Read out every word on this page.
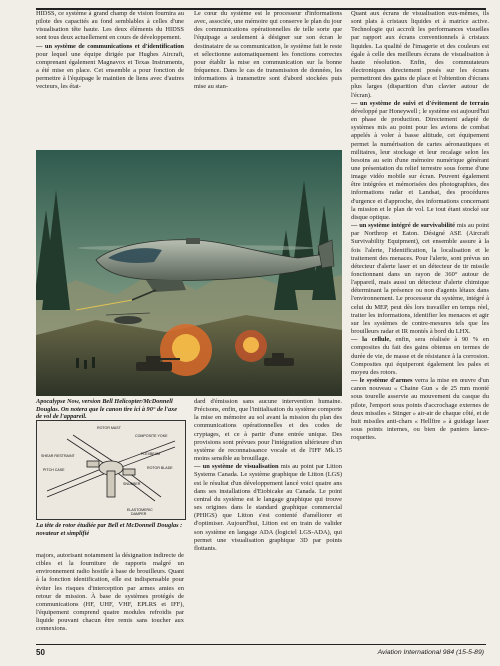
HIDSS, ce système à grand champ de vision fournira au pilote des capacités au fond semblables à celles d'une visualisation tête haute. Les deux éléments du HIDSS sont tous deux actuellement en cours de développement.

— un système de communications et d'identification pour lequel une équipe dirigée par Hughes Aircraft, comprenant également Magnavox et Texas Instruments, a été mise en place. Cet ensemble a pour fonction de permettre à l'équipage le maintien de liens avec d'autres vecteurs, les état-

Le cœur du système est le processeur d'informations avec, associée, une mémoire qui conserve le plan du jour des communications opérationnelles de telle sorte que l'équipage a seulement à désigner sur son écran le destinataire de sa communication, le système fait le reste et sélectionne automatiquement les fonctions correctes pour établir la mise en communication sur la bonne fréquence. Dans le cas de transmission de données, les informations à transmettre sont d'abord stockées puis mise au stan-

Quant aux écrans de visualisation eux-mêmes, ils sont plats à cristaux liquides et à matrice active. Technologie qui accroît les performances visuelles par rapport aux écrans conventionnels à cristaux liquides. La qualité de l'imagerie et des couleurs est égale à celle des meilleurs écrans de visualisation à haute résolution. Enfin, des commutateurs électroniques directement posés sur les écrans permettront des gains de place et l'obtention d'écrans plus larges (disparition d'un clavier autour de l'écran).

— un système de suivi et d'évitement de terrain développé par Honeywell ; le système est aujourd'hui en phase de production. Directement adapté de systèmes mis au point pour les avions de combat appelés à voler à basse altitude, cet équipement permet la numérisation de cartes aéronautiques et militaires, leur stockage et leur recalage selon les besoins au sein d'une mémoire numérique générant une présentation du relief terrestre sous forme d'une image vidéo mobile sur écran. Peuvent également être intégrées et mémorisées des photographies, des informations radar et Landsat, des procédures d'urgence et d'approche, des informations concernant la mission et le plan de vol. Le tout étant stocké sur disque optique.

— un système intégré de survivabilité mis au point par Northrop et Eaton. Désigné ASE (Aircraft Survivability Equipment), cet ensemble assure à la fois l'alerte, l'identification, la localisation et le traitement des menaces. Pour l'alerte, sont prévus un détecteur d'alerte laser et un détecteur de tir missile fonctionnant dans un rayon de 360° autour de l'appareil, mais aussi un détecteur d'alerte chimique déterminant la présence ou non d'agents létaux dans l'environnement. Le processeur du système, intégré à celui du MEP, peut dès lors travailler en temps réel, traiter les informations, identifier les menaces et agir sur les systèmes de contre-mesures tels que les brouilleurs radar et IR montés à bord du LHX.

— la cellule, enfin, sera réalisée à 90 % en composites du fait des gains obtenus en termes de durée de vie, de masse et de résistance à la corrosion. Composites qui équiperont également les pales et moyeu des rotors.

— le système d'armes verra la mise en œuvre d'un canon nouveau « Chaine Gun » de 25 mm monté sous tourelle asservie au mouvement du casque du pilote, l'emport sous points d'accrochage externes de deux missiles « Stinger » air-air de chaque côté, et de huit missiles anti-chars « Hellfire » à guidage laser sous points internes, ou bien de paniers lance-roquettes.

Apocalypse Now, version Bell Helicopter/McDonnell Douglas. On notera que le canon tire ici à 90° de l'axe de vol de l'appareil.
ROTOR MAST
COMPOSITE YOKE
FLEXBEAM
ROTOR BLADE
SHEAR RESTRAINT
PITCH CASE
SNUBBER
ELASTOMERIC
DAMPER
La tête de rotor étudiée par Bell et McDonnell Douglas : novateur et simplifié

majors, autorisant notamment la désignation indirecte de cibles et la fourniture de rapports malgré un environnement radio hostile à base de brouilleurs. Quant à la fonction identification, elle est indispensable pour éviter les risques d'interception par armes amies en retour de mission. À base de systèmes protégés de communications (HF, UHF, VHF, EPLRS et IFF), l'équipement comprend quatre modules refroidis par liquide pouvant chacun être remis sans toucher aux connexions.

dard d'émission sans aucune intervention humaine. Précisons, enfin, que l'initialisation du système comporte la mise en mémoire au sol avant la mission du plan des communications opérationnelles et des codes de cryptages, et ce à partir d'une entrée unique. Des provisions sont prévues pour l'intégration ultérieure d'un système de reconnaissance vocale et de l'IFF Mk.15 moins sensible au brouillage.

— un système de visualisation mis au point par Litton Systems Canada. Le système graphique de Litton (LGS) est le résultat d'un développement lancé voici quatre ans dans ses installations d'Etobicake au Canada. Le point central du système est le langage graphique qui trouve ses origines dans le standard graphique commercial (PHIGS) que Litton s'est contenté d'améliorer et d'optimiser. Aujourd'hui, Litton est en train de valider son système en langage ADA (logiciel LGS-ADA), qui permet une visualisation graphique 3D par points flottants.

50	Aviation International 984 (15-5-89)
